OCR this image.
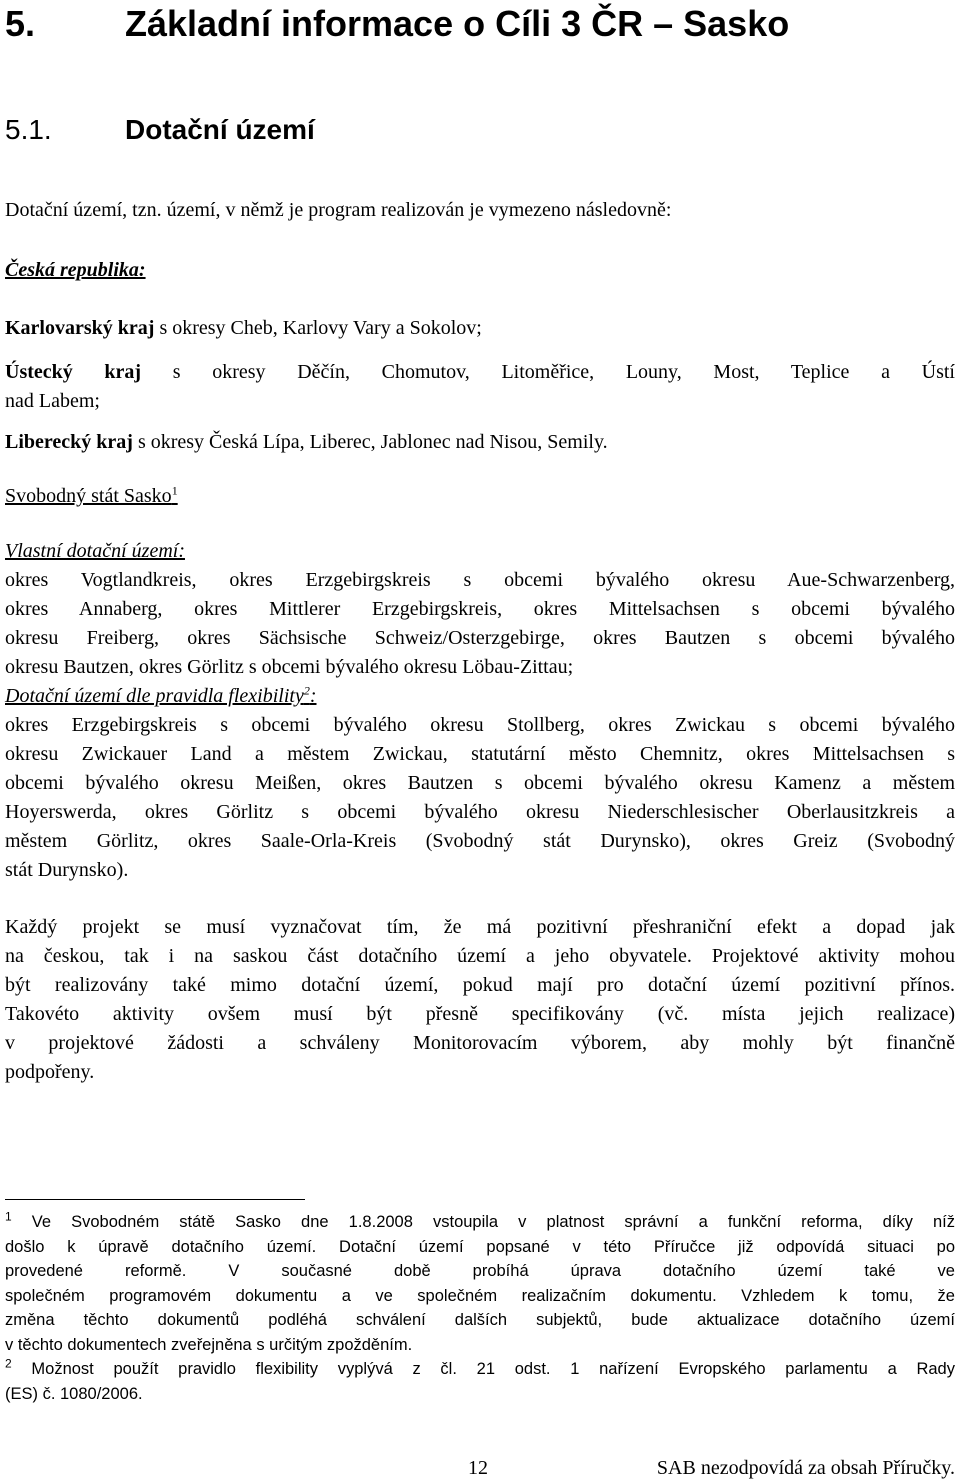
5. Základní informace o Cíli 3 ČR – Sasko
5.1.	Dotační území

Dotační území, tzn. území, v němž je program realizován je vymezeno následovně:

Česká republika:

Karlovarský kraj s okresy Cheb, Karlovy Vary a Sokolov;

Ústecký kraj s okresy Děčín, Chomutov, Litoměřice, Louny, Most, Teplice a Ústí

nad Labem;

Liberecký kraj s okresy Česká Lípa, Liberec, Jablonec nad Nisou, Semily.

Svobodný stát Sasko$^1$

Vlastní dotační území:

okres Vogtlandkreis, okres Erzgebirgskreis s obcemi bývalého okresu Aue-Schwarzenberg,

okres Annaberg, okres Mittlerer Erzgebirgskreis, okres Mittelsachsen s obcemi bývalého

okresu Freiberg, okres Sächsische Schweiz/Osterzgebirge, okres Bautzen s obcemi bývalého

okresu Bautzen, okres Görlitz s obcemi bývalého okresu Löbau-Zittau;

Dotační území dle pravidla flexibility$^2$:

okres Erzgebirgskreis s obcemi bývalého okresu Stollberg, okres Zwickau s obcemi bývalého

okresu Zwickauer Land a městem Zwickau, statutární město Chemnitz, okres Mittelsachsen s

obcemi bývalého okresu Meißen, okres Bautzen s obcemi bývalého okresu Kamenz a městem

Hoyerswerda, okres Görlitz s obcemi bývalého okresu Niederschlesischer Oberlausitzkreis a

městem Görlitz, okres Saale-Orla-Kreis (Svobodný stát Durynsko), okres Greiz (Svobodný

stát Durynsko).

Každý projekt se musí vyznačovat tím, že má pozitivní přeshraniční efekt a dopad jak

na českou, tak i na saskou část dotačního území a jeho obyvatele. Projektové aktivity mohou

být realizovány také mimo dotační území, pokud mají pro dotační území pozitivní přínos.

Takovéto aktivity ovšem musí být přesně specifikovány (vč. místa jejich realizace)

v projektové žádosti a schváleny Monitorovacím výborem, aby mohly být finančně

podpořeny.

$^1$ Ve Svobodném státě Sasko dne 1.8.2008 vstoupila v platnost správní a funkční reforma, díky níž

došlo k úpravě dotačního území. Dotační území popsané v této Příručce již odpovídá situaci po

provedené reformě. V současné době probíhá úprava dotačního území také ve

společném programovém dokumentu a ve společném realizačním dokumentu. Vzhledem k tomu, že

změna těchto dokumentů podléhá schválení dalších subjektů, bude aktualizace dotačního území

v těchto dokumentech zveřejněna s určitým zpožděním.

$^2$ Možnost použít pravidlo flexibility vyplývá z čl. 21 odst. 1 nařízení Evropského parlamentu a Rady

(ES) č. 1080/2006.

12	SAB nezodpovídá za obsah Příručky.
